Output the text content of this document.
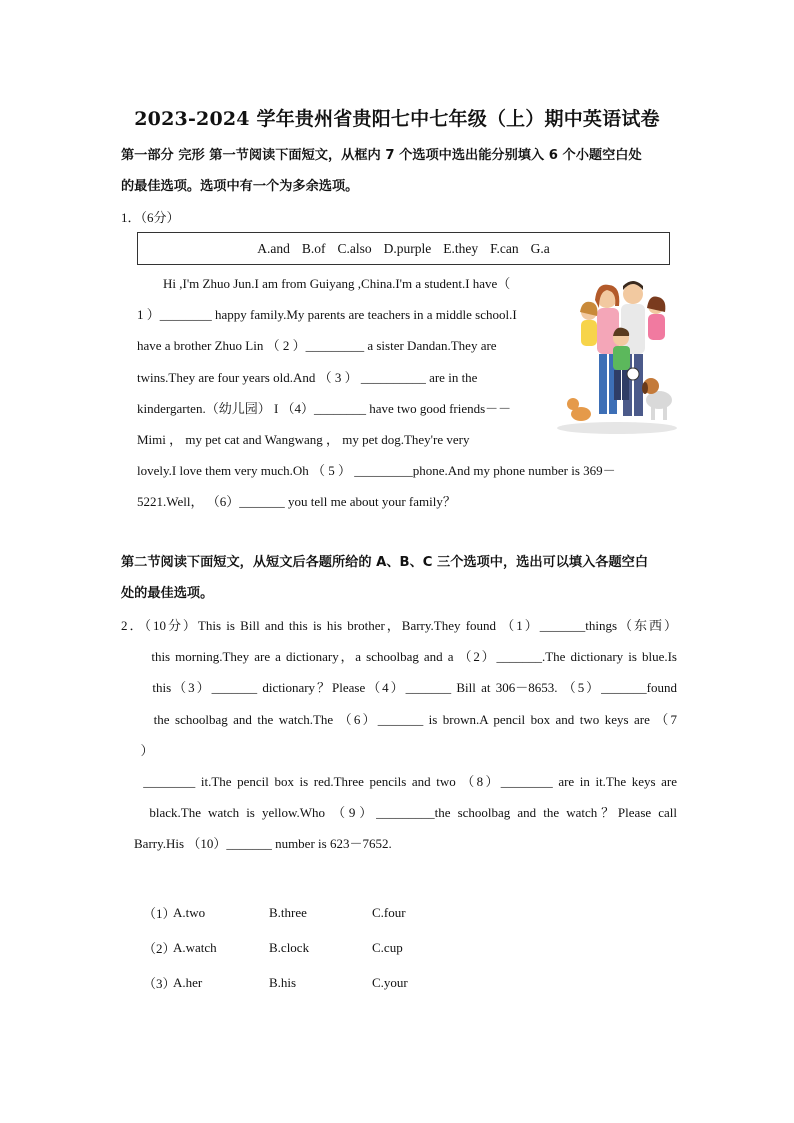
2023-2024 学年贵州省贵阳七中七年级（上）期中英语试卷
第一部分 完形 第一节阅读下面短文，从框内 7 个选项中选出能分别填入 6 个小题空白处
的最佳选项。选项中有一个为多余选项。
1．（6分）
A.and B.of C.also D.purple E.they F.can G.a
Hi ,I'm Zhuo Jun.I am from Guiyang ,China.I'm a student.I have（
1 ）________ happy family.My parents are teachers in a middle school.I
have a brother Zhuo Lin （ 2 ）_________ a sister Dandan.They are
twins.They are four years old.And （ 3 ） __________ are in the
kindergarten.（幼儿园） I （4）________ have two good friends－－
Mimi ， my pet cat and Wangwang ， my pet dog.They're very
lovely.I love them very much.Oh （ 5 ） _________phone.And my phone number is 369－
5221.Well， （6）_______ you tell me about your family？
第二节阅读下面短文，从短文后各题所给的 A、B、C 三个选项中，选出可以填入各题空白
处的最佳选项。
2．（10分）This is Bill and this is his brother，Barry.They found （1）_______things（东西）
this morning.They are a dictionary，a schoolbag and a （2）_______.The dictionary is blue.Is
this（3）_______ dictionary？Please（4）_______ Bill at 306－8653. （5）_______found
the schoolbag and the watch.The （6）_______ is brown.A pencil box and two keys are （7
）
________ it.The pencil box is red.Three pencils and two （8）________ are in it.The keys are
black.The watch is yellow.Who （9）_________the schoolbag and the watch？Please call
Barry.His （10）_______ number is 623－7652.
（1）
A.two	B.three	C.four
（2）
A.watch	B.clock	C.cup
（3）
A.her	B.his	C.your
